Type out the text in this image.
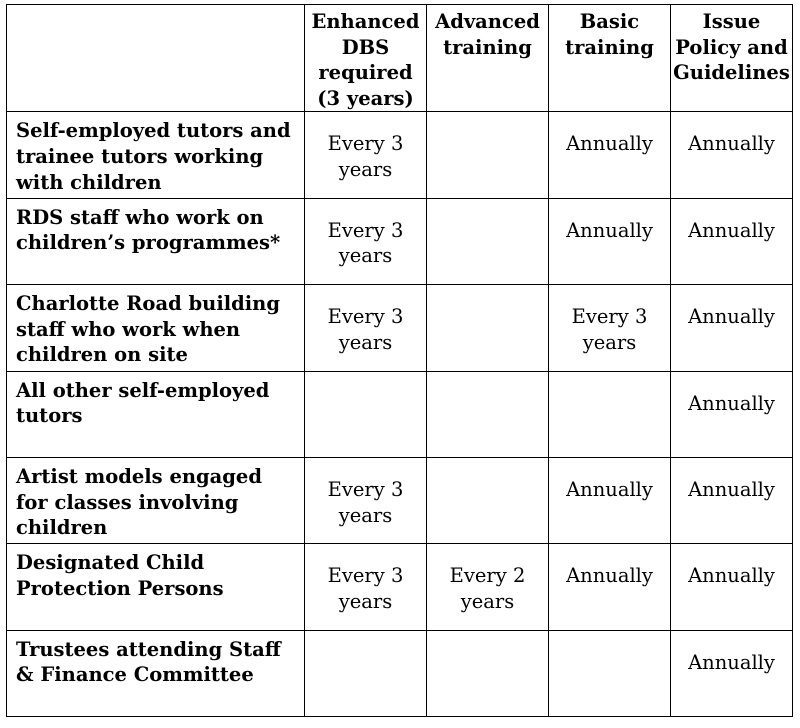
	Enhanced DBS required (3 years)	Advanced training	Basic training	Issue Policy and Guidelines
Self-employed tutors and trainee tutors working with children	Every 3 years		Annually	Annually
RDS staff who work on children’s programmes*	Every 3 years		Annually	Annually
Charlotte Road building staff who work when children on site	Every 3 years		Every 3 years	Annually
All other self-employed tutors				Annually
Artist models engaged for classes involving children	Every 3 years		Annually	Annually
Designated Child Protection Persons	Every 3 years	Every 2 years	Annually	Annually
Trustees attending Staff & Finance Committee				Annually
